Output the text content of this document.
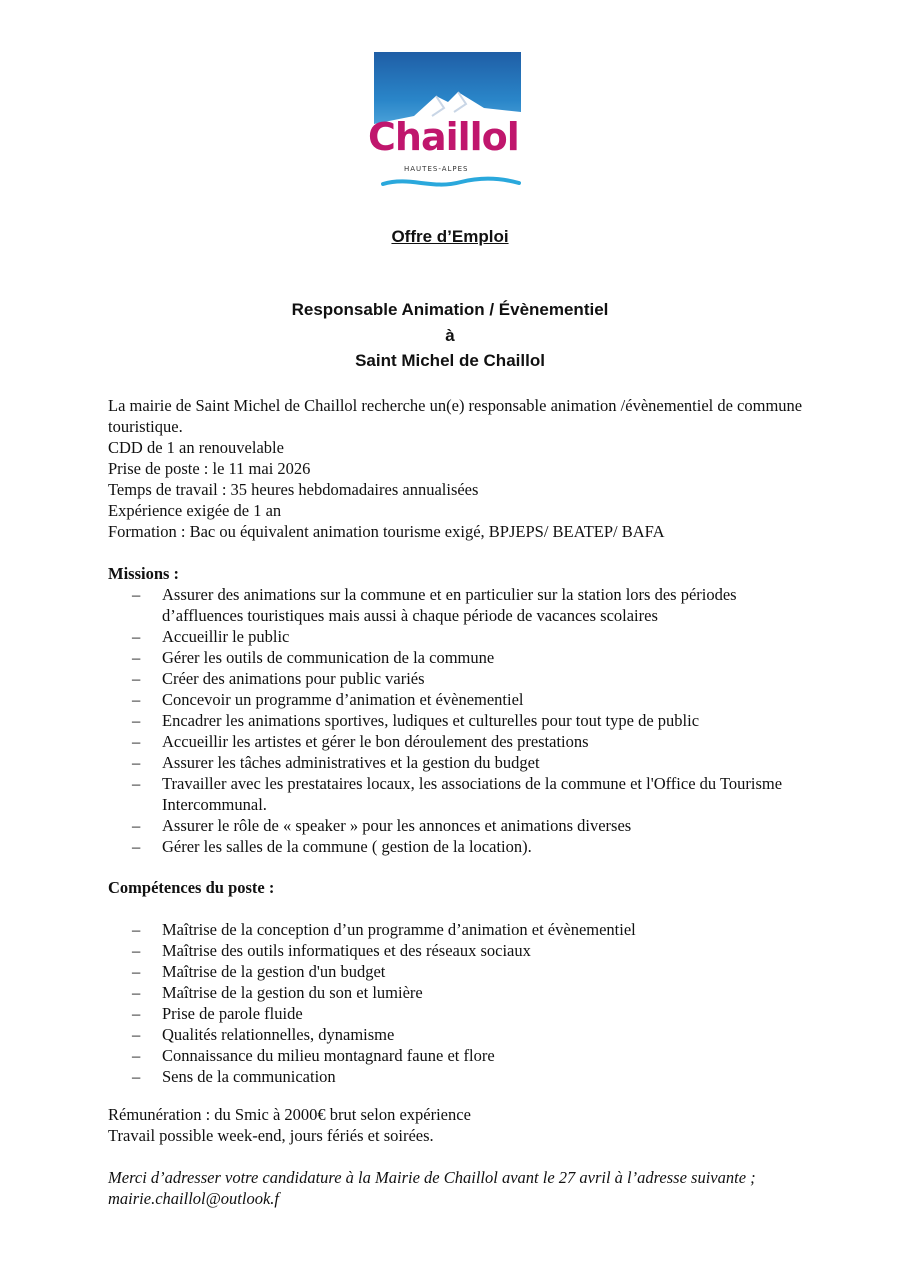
Chaillol
HAUTES-ALPES
Offre d’Emploi
Responsable Animation / Évènementiel
à
Saint Michel de Chaillol

La mairie de Saint Michel de Chaillol recherche un(e) responsable animation /évènementiel de commune touristique.

CDD de 1 an renouvelable

Prise de poste : le 11 mai 2026

Temps de travail : 35 heures hebdomadaires annualisées

Expérience exigée de 1 an

Formation : Bac ou équivalent animation tourisme exigé, BPJEPS/ BEATEP/ BAFA

Missions :

– Assurer des animations sur la commune et en particulier sur la station lors des périodes d’affluences touristiques mais aussi à chaque période de vacances scolaires
– Accueillir le public
– Gérer les outils de communication de la commune
– Créer des animations pour public variés
– Concevoir un programme d’animation et évènementiel
– Encadrer les animations sportives, ludiques et culturelles pour tout type de public
– Accueillir les artistes et gérer le bon déroulement des prestations
– Assurer les tâches administratives et la gestion du budget
– Travailler avec les prestataires locaux, les associations de la commune et l'Office du Tourisme Intercommunal.
– Assurer le rôle de « speaker » pour les annonces et animations diverses
– Gérer les salles de la commune ( gestion de la location).

Compétences du poste :

– Maîtrise de la conception d’un programme d’animation et évènementiel
– Maîtrise des outils informatiques et des réseaux sociaux
– Maîtrise de la gestion d'un budget
– Maîtrise de la gestion du son et lumière
– Prise de parole fluide
– Qualités relationnelles, dynamisme
– Connaissance du milieu montagnard faune et flore
– Sens de la communication

Rémunération : du Smic à 2000€ brut selon expérience

Travail possible week-end, jours fériés et soirées.

Merci d’adresser votre candidature à la Mairie de Chaillol avant le 27 avril à l’adresse suivante ; mairie.chaillol@outlook.f
